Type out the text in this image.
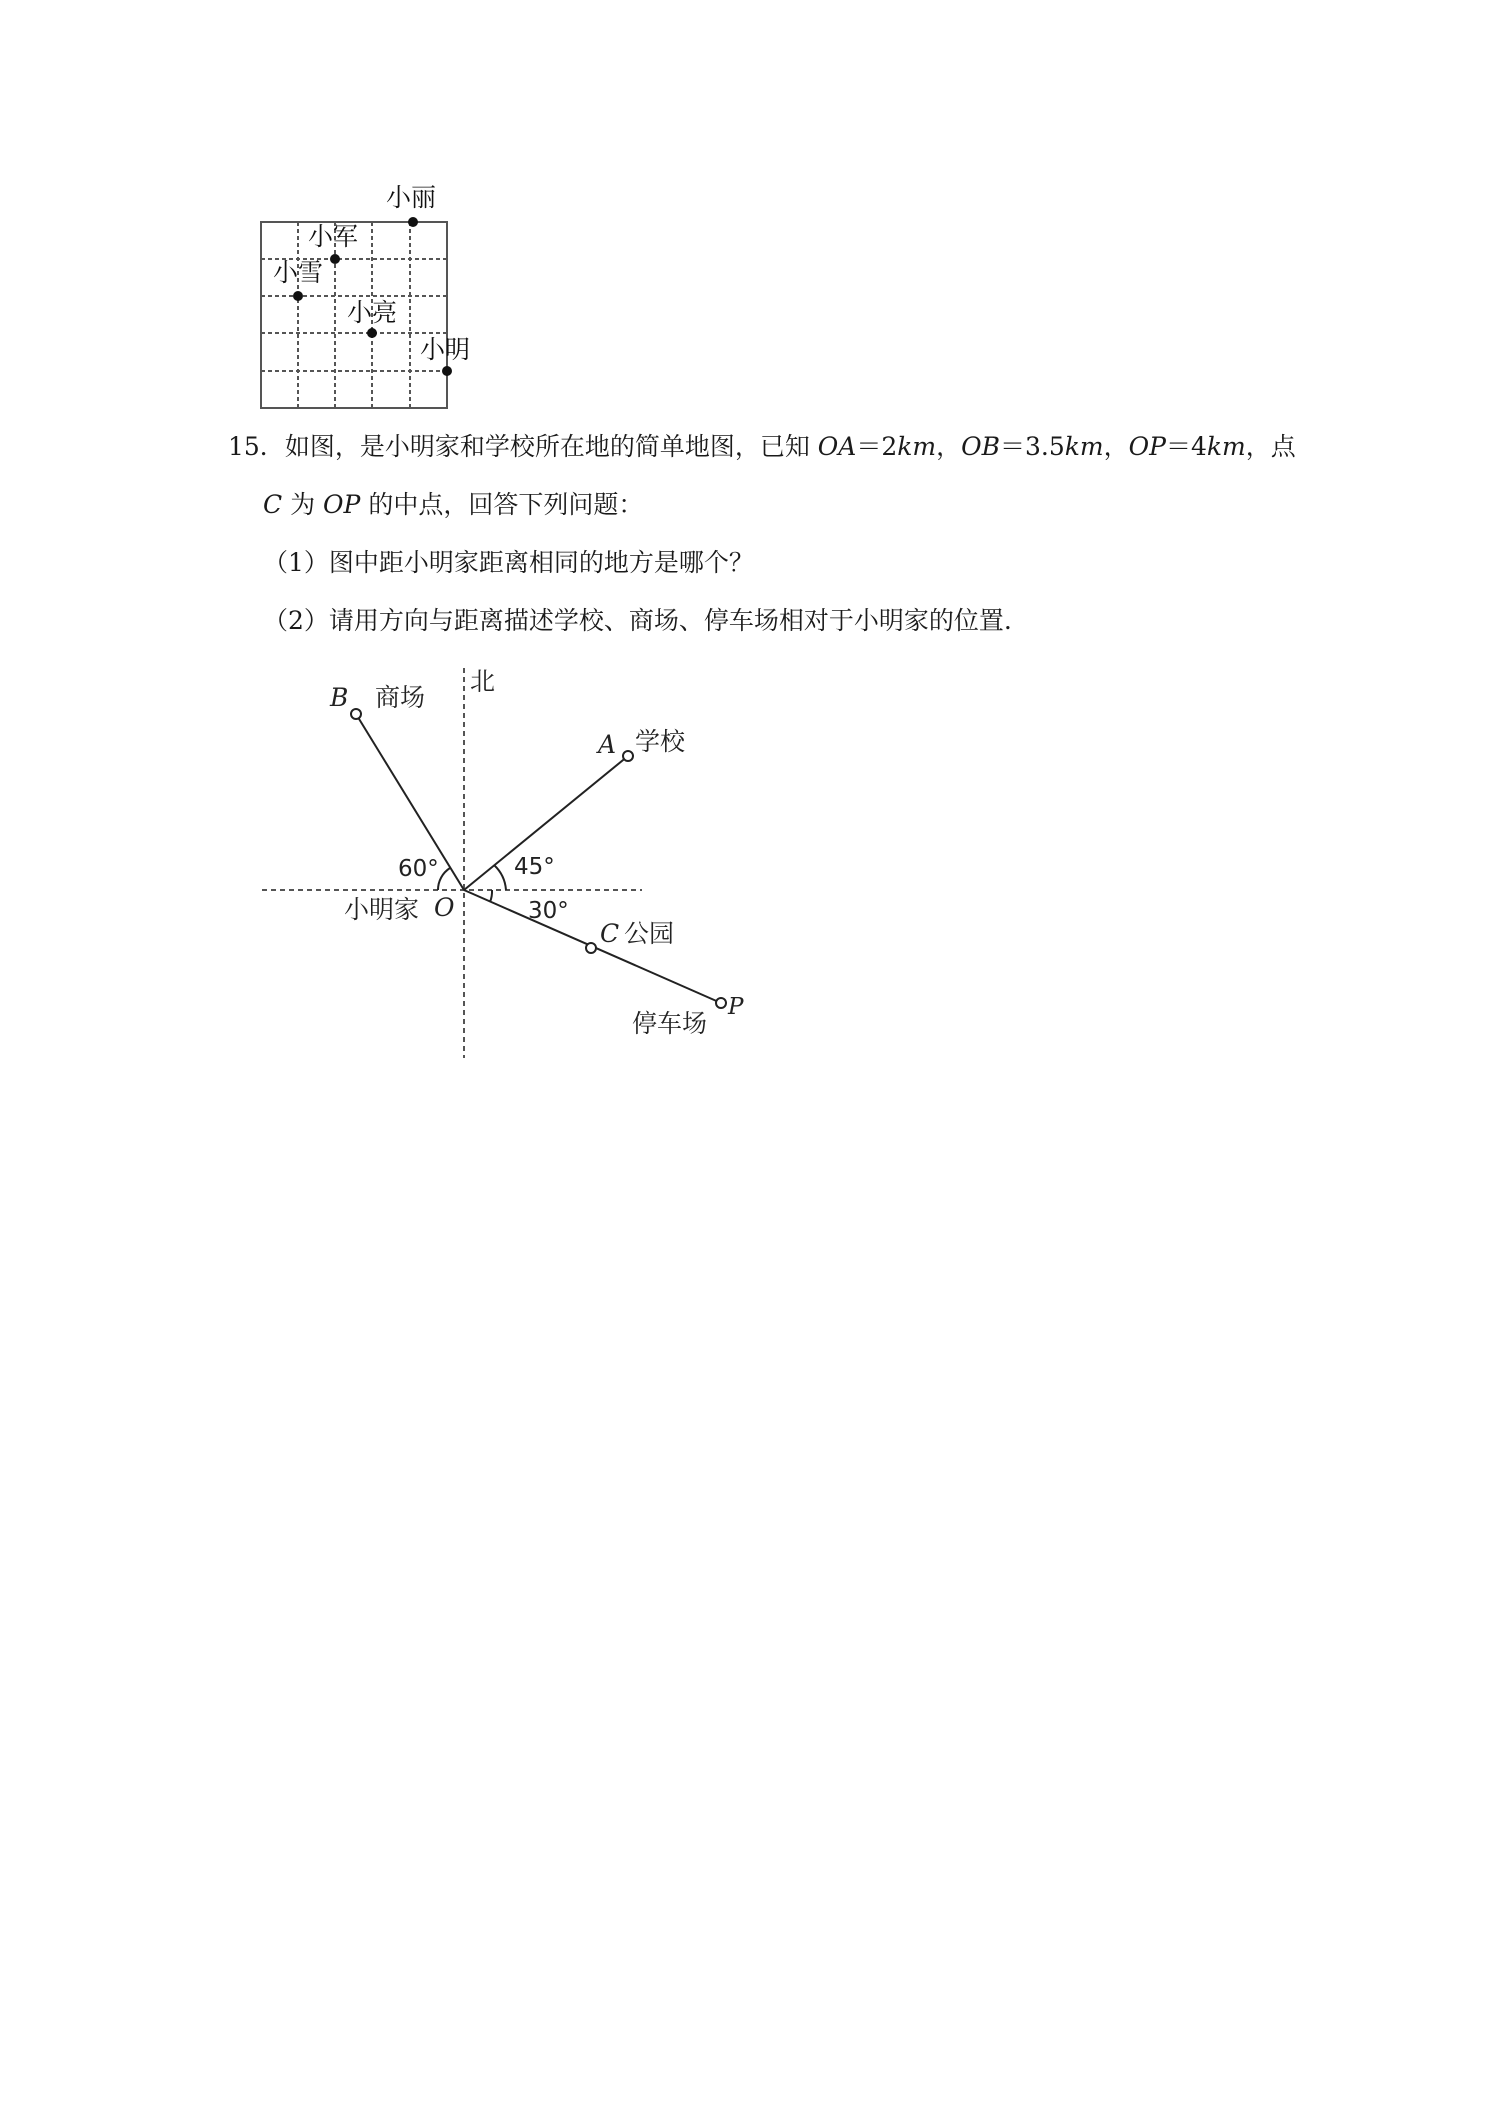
小丽
小军
小雪
小亮
小明
15．如图，是小明家和学校所在地的简单地图，已知 OA＝2km，OB＝3.5km，OP＝4km，点
C 为 OP 的中点，回答下列问题：
（1）图中距小明家距离相同的地方是哪个？
（2）请用方向与距离描述学校、商场、停车场相对于小明家的位置.
北
B 商场
A 学校
60°	45°
30°
小明家 O
C 公园
P
停车场
